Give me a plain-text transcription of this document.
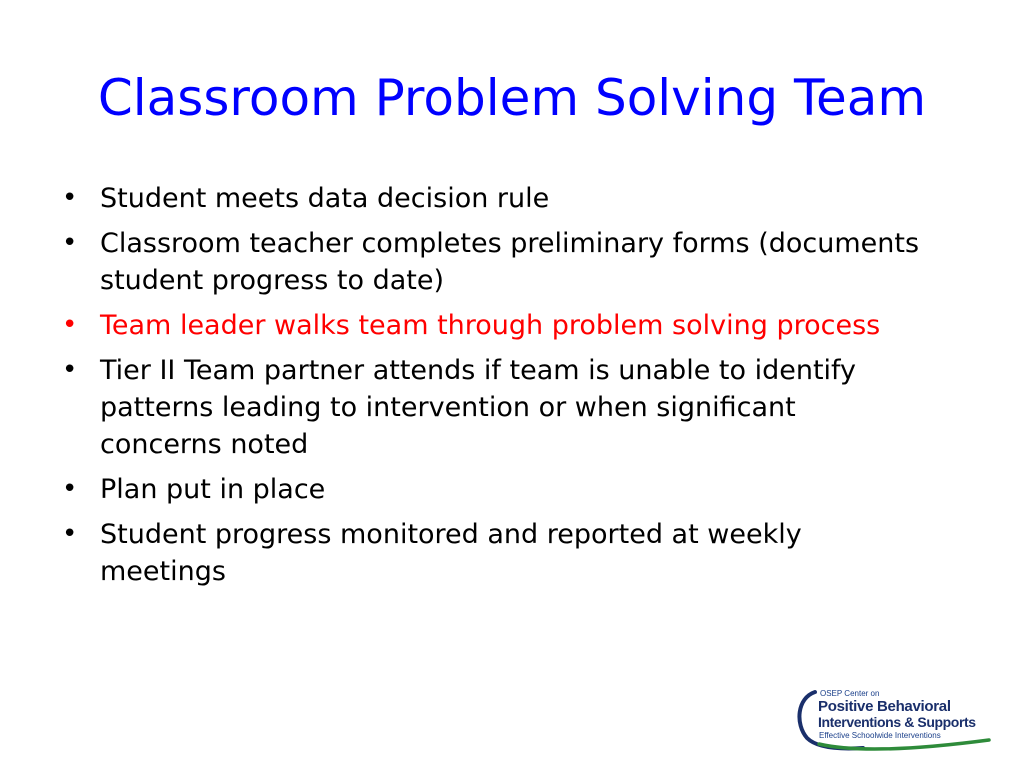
Classroom Problem Solving Team
• Student meets data decision rule
• Classroom teacher completes preliminary forms (documents student progress to date)
• Team leader walks team through problem solving process
• Tier II Team partner attends if team is unable to identify patterns leading to intervention or when significant concerns noted
• Plan put in place
• Student progress monitored and reported at weekly meetings
OSEP Center on
Positive Behavioral
Interventions & Supports
Effective Schoolwide Interventions
